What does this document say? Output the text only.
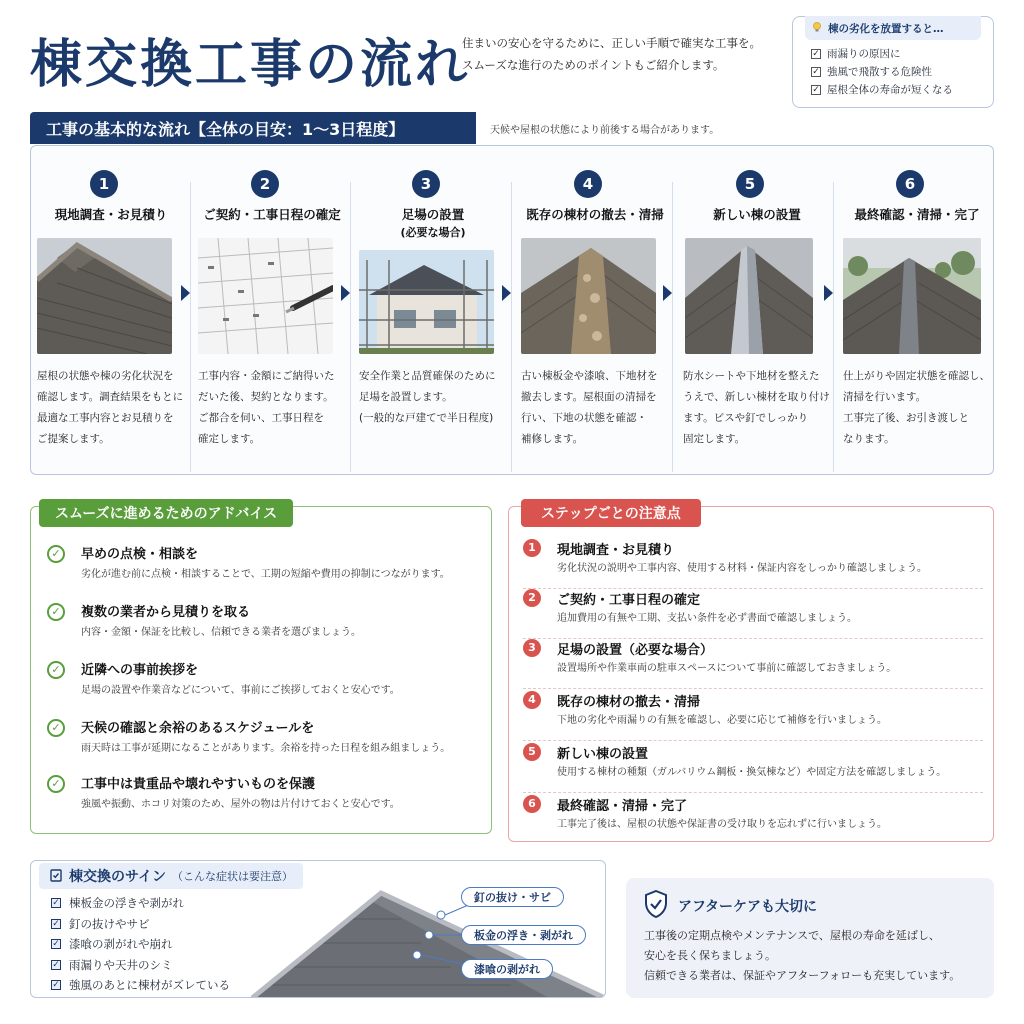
棟交換工事の流れ
住まいの安心を守るために、正しい手順で確実な工事を。
スムーズな進行のためのポイントもご紹介します。
棟の劣化を放置すると…
✓ 雨漏りの原因に
✓ 強風で飛散する危険性
✓ 屋根全体の寿命が短くなる
工事の基本的な流れ【全体の目安：1〜3日程度】	天候や屋根の状態により前後する場合があります。
1
現地調査・お見積り
屋根の状態や棟の劣化状況を
確認します。調査結果をもとに
最適な工事内容とお見積りを
ご提案します。
2
ご契約・工事日程の確定
工事内容・金額にご納得いた
だいた後、契約となります。
ご都合を伺い、工事日程を
確定します。
3
足場の設置
(必要な場合)
安全作業と品質確保のために
足場を設置します。
(一般的な戸建てで半日程度)
4
既存の棟材の撤去・清掃
古い棟板金や漆喰、下地材を
撤去します。屋根面の清掃を
行い、下地の状態を確認・
補修します。
5
新しい棟の設置
防水シートや下地材を整えた
うえで、新しい棟材を取り付け
ます。ビスや釘でしっかり
固定します。
6
最終確認・清掃・完了
仕上がりや固定状態を確認し、
清掃を行います。
工事完了後、お引き渡しと
なります。
スムーズに進めるためのアドバイス
✓	早めの点検・相談を
劣化が進む前に点検・相談することで、工期の短縮や費用の抑制につながります。
✓	複数の業者から見積りを取る
内容・金額・保証を比較し、信頼できる業者を選びましょう。
✓	近隣への事前挨拶を
足場の設置や作業音などについて、事前にご挨拶しておくと安心です。
✓	天候の確認と余裕のあるスケジュールを
雨天時は工事が延期になることがあります。余裕を持った日程を組み組ましょう。
✓	工事中は貴重品や壊れやすいものを保護
強風や振動、ホコリ対策のため、屋外の物は片付けておくと安心です。
ステップごとの注意点
1	現地調査・お見積り
劣化状況の説明や工事内容、使用する材料・保証内容をしっかり確認しましょう。
2	ご契約・工事日程の確定
追加費用の有無や工期、支払い条件を必ず書面で確認しましょう。
3	足場の設置（必要な場合）
設置場所や作業車両の駐車スペースについて事前に確認しておきましょう。
4	既存の棟材の撤去・清掃
下地の劣化や雨漏りの有無を確認し、必要に応じて補修を行いましょう。
5	新しい棟の設置
使用する棟材の種類（ガルバリウム鋼板・換気棟など）や固定方法を確認しましょう。
6	最終確認・清掃・完了
工事完了後は、屋根の状態や保証書の受け取りを忘れずに行いましょう。
棟交換のサイン （こんな症状は要注意）
✓ 棟板金の浮きや剥がれ
✓ 釘の抜けやサビ
✓ 漆喰の剥がれや崩れ
✓ 雨漏りや天井のシミ
✓ 強風のあとに棟材がズレている
釘の抜け・サビ
板金の浮き・剥がれ
漆喰の剥がれ
アフターケアも大切に
工事後の定期点検やメンテナンスで、屋根の寿命を延ばし、
安心を長く保ちましょう。
信頼できる業者は、保証やアフターフォローも充実しています。
